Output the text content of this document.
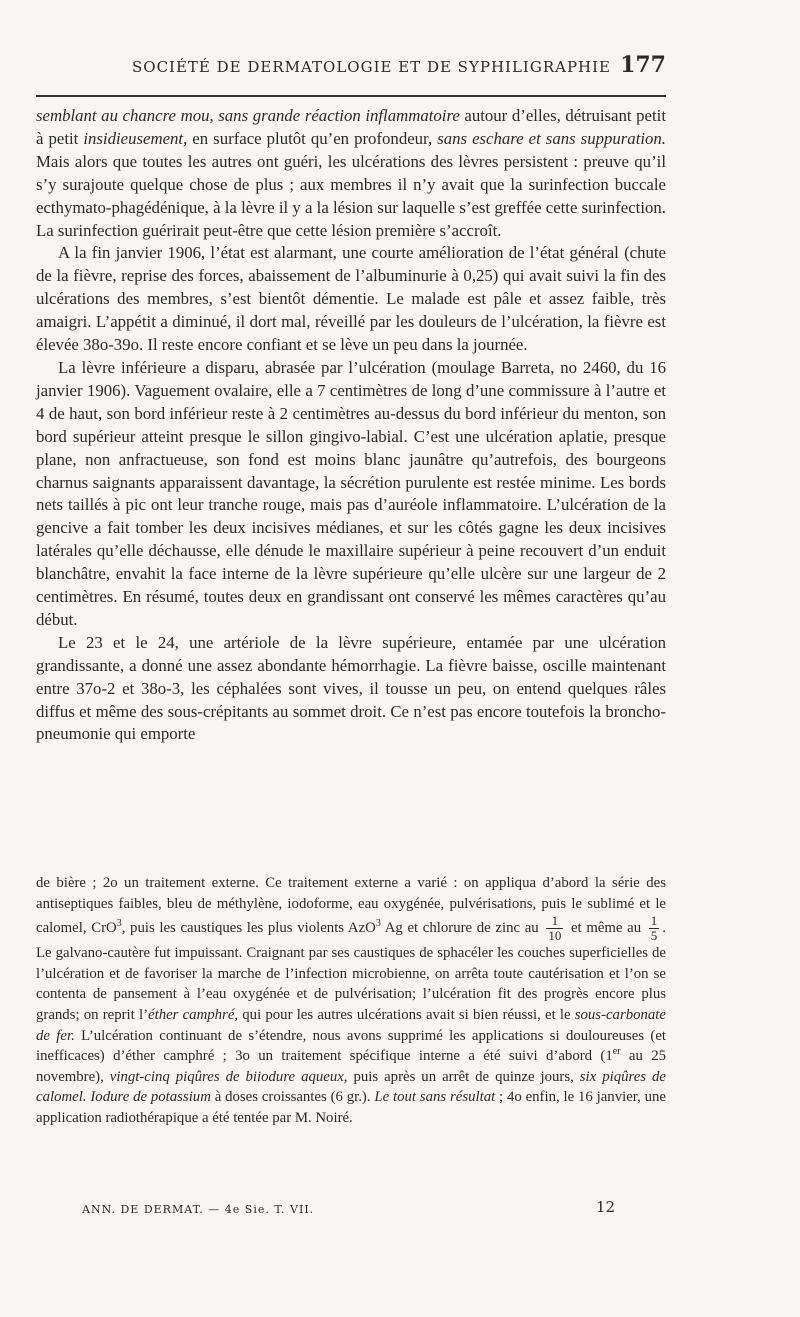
SOCIÉTÉ DE DERMATOLOGIE ET DE SYPHILIGRAPHIE 177

semblant au chancre mou, sans grande réaction inflammatoire autour d’elles, détruisant petit à petit insidieusement, en surface plutôt qu’en profondeur, sans eschare et sans suppuration. Mais alors que toutes les autres ont guéri, les ulcérations des lèvres persistent : preuve qu’il s’y surajoute quelque chose de plus ; aux membres il n’y avait que la surinfection buccale ecthymato-phagédénique, à la lèvre il y a la lésion sur laquelle s’est greffée cette surinfection. La surinfection guérirait peut-être que cette lésion première s’accroît.

A la fin janvier 1906, l’état est alarmant, une courte amélioration de l’état général (chute de la fièvre, reprise des forces, abaissement de l’albuminurie à 0,25) qui avait suivi la fin des ulcérations des membres, s’est bientôt démentie. Le malade est pâle et assez faible, très amaigri. L’appétit a diminué, il dort mal, réveillé par les douleurs de l’ulcération, la fièvre est élevée 38o-39o. Il reste encore confiant et se lève un peu dans la journée.

La lèvre inférieure a disparu, abrasée par l’ulcération (moulage Barreta, no 2460, du 16 janvier 1906). Vaguement ovalaire, elle a 7 centimètres de long d’une commissure à l’autre et 4 de haut, son bord inférieur reste à 2 centimètres au-dessus du bord inférieur du menton, son bord supérieur atteint presque le sillon gingivo-labial. C’est une ulcération aplatie, presque plane, non anfractueuse, son fond est moins blanc jaunâtre qu’autrefois, des bourgeons charnus saignants apparaissent davantage, la sécrétion purulente est restée minime. Les bords nets taillés à pic ont leur tranche rouge, mais pas d’auréole inflammatoire. L’ulcération de la gencive a fait tomber les deux incisives médianes, et sur les côtés gagne les deux incisives latérales qu’elle déchausse, elle dénude le maxillaire supérieur à peine recouvert d’un enduit blanchâtre, envahit la face interne de la lèvre supérieure qu’elle ulcère sur une largeur de 2 centimètres. En résumé, toutes deux en grandissant ont conservé les mêmes caractères qu’au début.

Le 23 et le 24, une artériole de la lèvre supérieure, entamée par une ulcération grandissante, a donné une assez abondante hémorrhagie. La fièvre baisse, oscille maintenant entre 37o-2 et 38o-3, les céphalées sont vives, il tousse un peu, on entend quelques râles diffus et même des sous-crépitants au sommet droit. Ce n’est pas encore toutefois la broncho-pneumonie qui emporte

de bière ; 2o un traitement externe. Ce traitement externe a varié : on appliqua d’abord la série des antiseptiques faibles, bleu de méthylène, iodoforme, eau oxygénée, pulvérisations, puis le sublimé et le calomel, CrO$^3$, puis les caustiques les plus violents AzO$^3$ Ag et chlorure de zinc au $\frac{1}{10}$ et même au $\frac{1}{5}$ . Le galvano-cautère fut impuissant. Craignant par ses caustiques de sphacéler les couches superficielles de l’ulcération et de favoriser la marche de l’infection microbienne, on arrêta toute cautérisation et l’on se contenta de pansement à l’eau oxygénée et de pulvérisation; l’ulcération fit des progrès encore plus grands; on reprit l’éther camphré, qui pour les autres ulcérations avait si bien réussi, et le sous-carbonate de fer. L’ulcération continuant de s’étendre, nous avons supprimé les applications si douloureuses (et inefficaces) d’éther camphré ; 3o un traitement spécifique interne a été suivi d’abord (1er au 25 novembre), vingt-cinq piqûres de biiodure aqueux, puis après un arrêt de quinze jours, six piqûres de calomel. Iodure de potassium à doses croissantes (6 gr.). Le tout sans résultat ; 4o enfin, le 16 janvier, une application radiothérapique a été tentée par M. Noiré.

ANN. DE DERMAT. — 4e Sie. T. VII.	12
